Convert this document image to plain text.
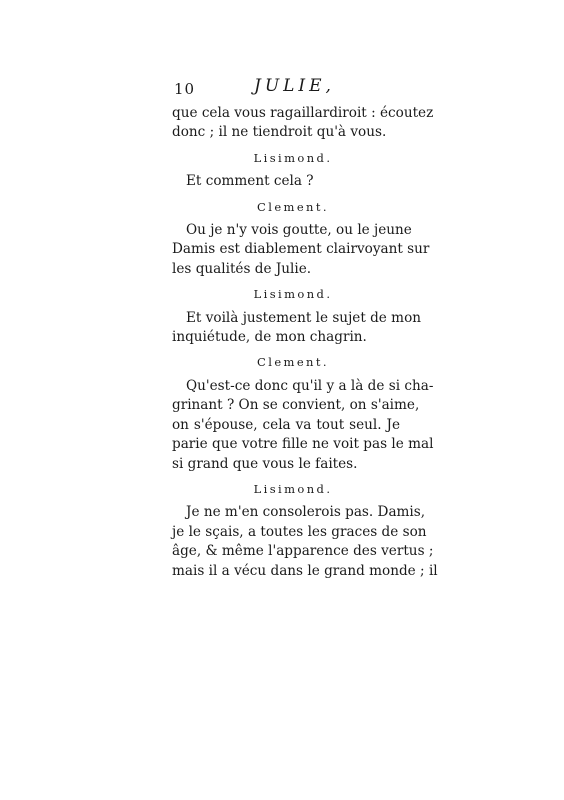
10	JULIE,
que cela vous ragaillardiroit : écoutez
donc ; il ne tiendroit qu'à vous.
Lisimond.
Et comment cela ?
Clement.
Ou je n'y vois goutte, ou le jeune
Damis est diablement clairvoyant sur
les qualités de Julie.
Lisimond.
Et voilà justement le sujet de mon
inquiétude, de mon chagrin.
Clement.
Qu'est-ce donc qu'il y a là de si cha-
grinant ? On se convient, on s'aime,
on s'épouse, cela va tout seul. Je
parie que votre fille ne voit pas le mal
si grand que vous le faites.
Lisimond.
Je ne m'en consolerois pas. Damis,
je le sçais, a toutes les graces de son
âge, & même l'apparence des vertus ;
mais il a vécu dans le grand monde ; il
